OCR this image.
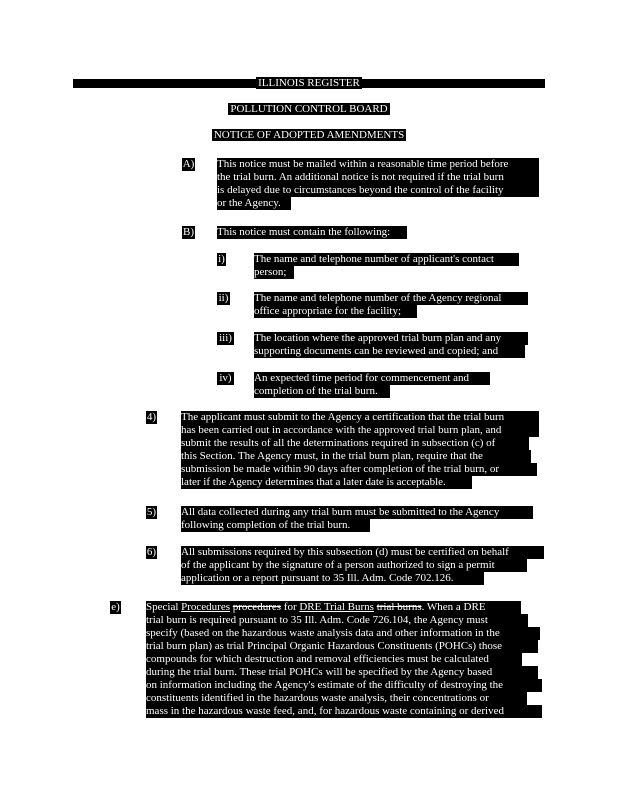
ILLINOIS REGISTER
POLLUTION CONTROL BOARD
NOTICE OF ADOPTED AMENDMENTS
A) This notice must be mailed within a reasonable time period before
the trial burn. An additional notice is not required if the trial burn
is delayed due to circumstances beyond the control of the facility
or the Agency.
B) This notice must contain the following:
i)	The name and telephone number of applicant's contact
person;
ii) The name and telephone number of the Agency regional
office appropriate for the facility;
iii) The location where the approved trial burn plan and any
supporting documents can be reviewed and copied; and
iv) An expected time period for commencement and
completion of the trial burn.
4) The applicant must submit to the Agency a certification that the trial burn
has been carried out in accordance with the approved trial burn plan, and
submit the results of all the determinations required in subsection (c) of
this Section. The Agency must, in the trial burn plan, require that the
submission be made within 90 days after completion of the trial burn, or
later if the Agency determines that a later date is acceptable.
5) All data collected during any trial burn must be submitted to the Agency
following completion of the trial burn.
6) All submissions required by this subsection (d) must be certified on behalf
of the applicant by the signature of a person authorized to sign a permit
application or a report pursuant to 35 Ill. Adm. Code 702.126.
e) Special Procedures procedures for DRE Trial Burns trial burns. When a DRE
trial burn is required pursuant to 35 Ill. Adm. Code 726.104, the Agency must
specify (based on the hazardous waste analysis data and other information in the
trial burn plan) as trial Principal Organic Hazardous Constituents (POHCs) those
compounds for which destruction and removal efficiencies must be calculated
during the trial burn. These trial POHCs will be specified by the Agency based
on information including the Agency's estimate of the difficulty of destroying the
constituents identified in the hazardous waste analysis, their concentrations or
mass in the hazardous waste feed, and, for hazardous waste containing or derived
